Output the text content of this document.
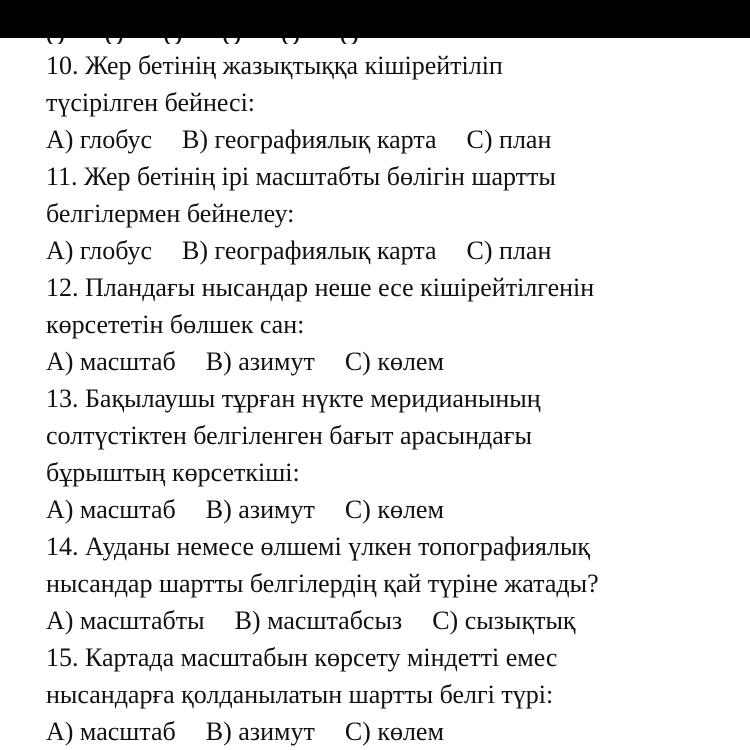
10. Жер бетінің жазықтыққа кішірейтіліп
түсірілген бейнесі:
A) глобус B) географиялық карта C) план
11. Жер бетінің ірі масштабты бөлігін шартты
белгілермен бейнелеу:
A) глобус B) географиялық карта C) план
12. Пландағы нысандар неше есе кішірейтілгенін
көрсететін бөлшек сан:
A) масштаб B) азимут C) көлем
13. Бақылаушы тұрған нүкте меридианының
солтүстіктен белгіленген бағыт арасындағы
бұрыштың көрсеткіші:
A) масштаб B) азимут C) көлем
14. Ауданы немесе өлшемі үлкен топографиялық
нысандар шартты белгілердің қай түріне жатады?
A) масштабты B) масштабсыз C) сызықтық
15. Картада масштабын көрсету міндетті емес
нысандарға қолданылатын шартты белгі түрі:
A) масштаб B) азимут C) көлем
